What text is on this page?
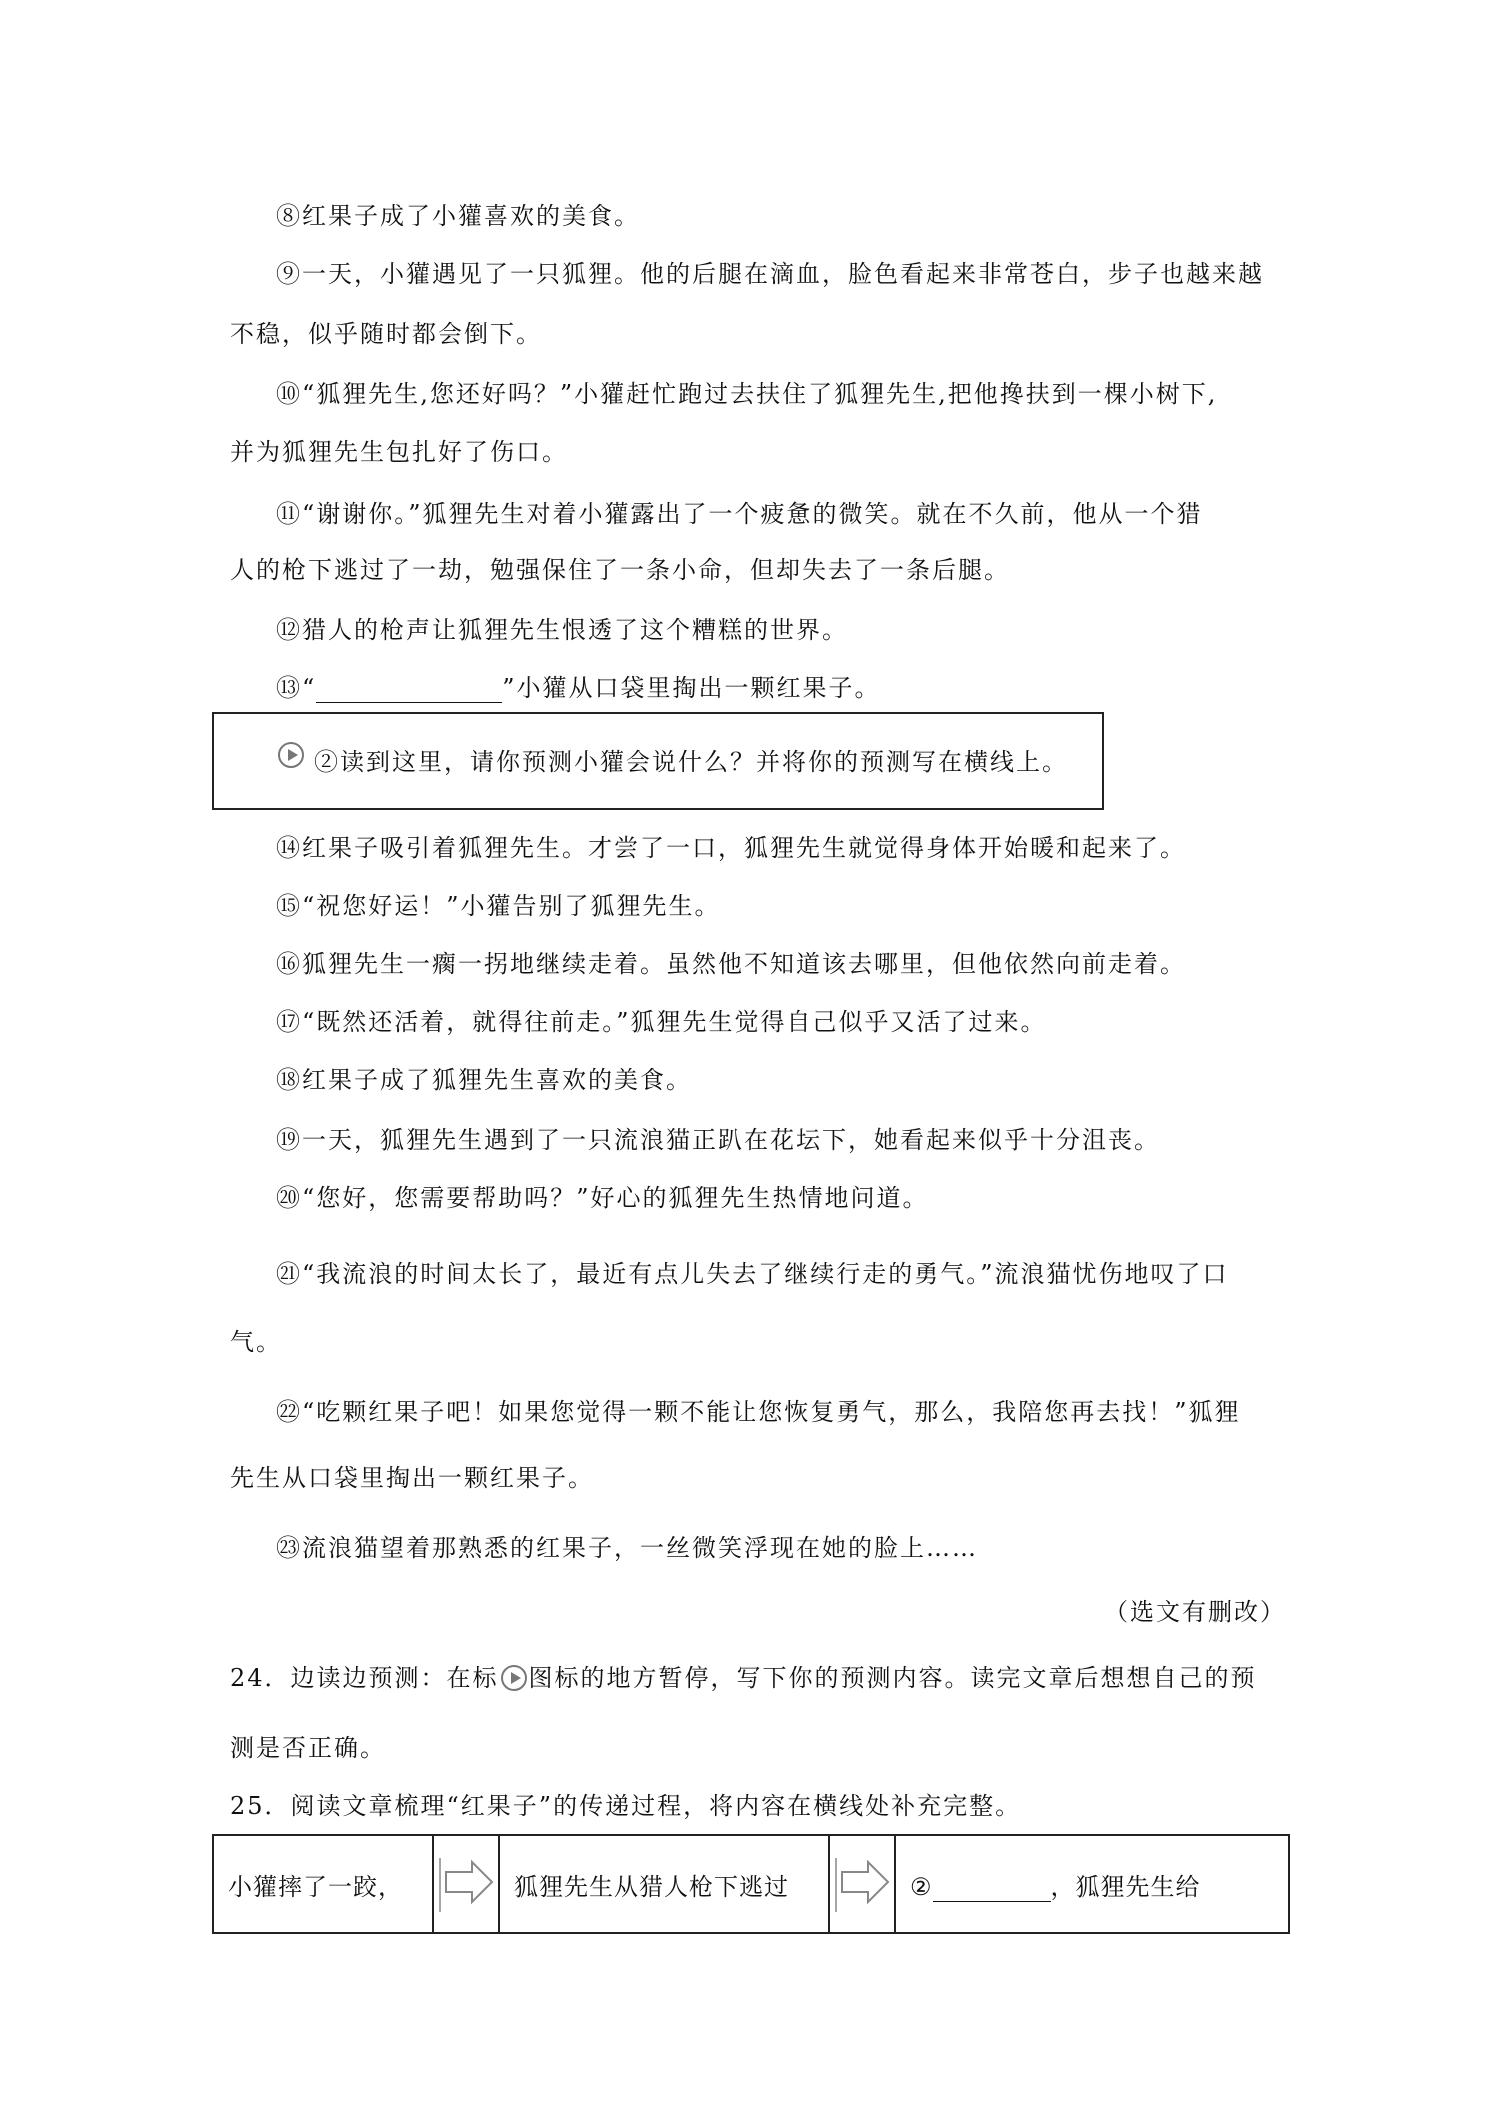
⑧红果子成了小獾喜欢的美食。
⑨一天，小獾遇见了一只狐狸。他的后腿在滴血，脸色看起来非常苍白，步子也越来越
不稳，似乎随时都会倒下。
⑩“狐狸先生,您还好吗？”小獾赶忙跑过去扶住了狐狸先生,把他搀扶到一棵小树下,
并为狐狸先生包扎好了伤口。
⑪“谢谢你。”狐狸先生对着小獾露出了一个疲惫的微笑。就在不久前，他从一个猎
人的枪下逃过了一劫，勉强保住了一条小命，但却失去了一条后腿。
⑫猎人的枪声让狐狸先生恨透了这个糟糕的世界。
⑬“	”小獾从口袋里掏出一颗红果子。
②读到这里，请你预测小獾会说什么？并将你的预测写在横线上。
⑭红果子吸引着狐狸先生。才尝了一口，狐狸先生就觉得身体开始暖和起来了。
⑮“祝您好运！”小獾告别了狐狸先生。
⑯狐狸先生一瘸一拐地继续走着。虽然他不知道该去哪里，但他依然向前走着。
⑰“既然还活着，就得往前走。”狐狸先生觉得自己似乎又活了过来。
⑱红果子成了狐狸先生喜欢的美食。
⑲一天，狐狸先生遇到了一只流浪猫正趴在花坛下，她看起来似乎十分沮丧。
⑳“您好，您需要帮助吗？”好心的狐狸先生热情地问道。
㉑“我流浪的时间太长了，最近有点儿失去了继续行走的勇气。”流浪猫忧伤地叹了口
气。
㉒“吃颗红果子吧！如果您觉得一颗不能让您恢复勇气，那么，我陪您再去找！”狐狸
先生从口袋里掏出一颗红果子。
㉓流浪猫望着那熟悉的红果子，一丝微笑浮现在她的脸上……
（选文有删改）
24．边读边预测：在标 图标的地方暂停，写下你的预测内容。读完文章后想想自己的预
测是否正确。
25．阅读文章梳理“红果子”的传递过程，将内容在横线处补充完整。
小獾摔了一跤，		狐狸先生从猎人枪下逃过		②	，狐狸先生给
